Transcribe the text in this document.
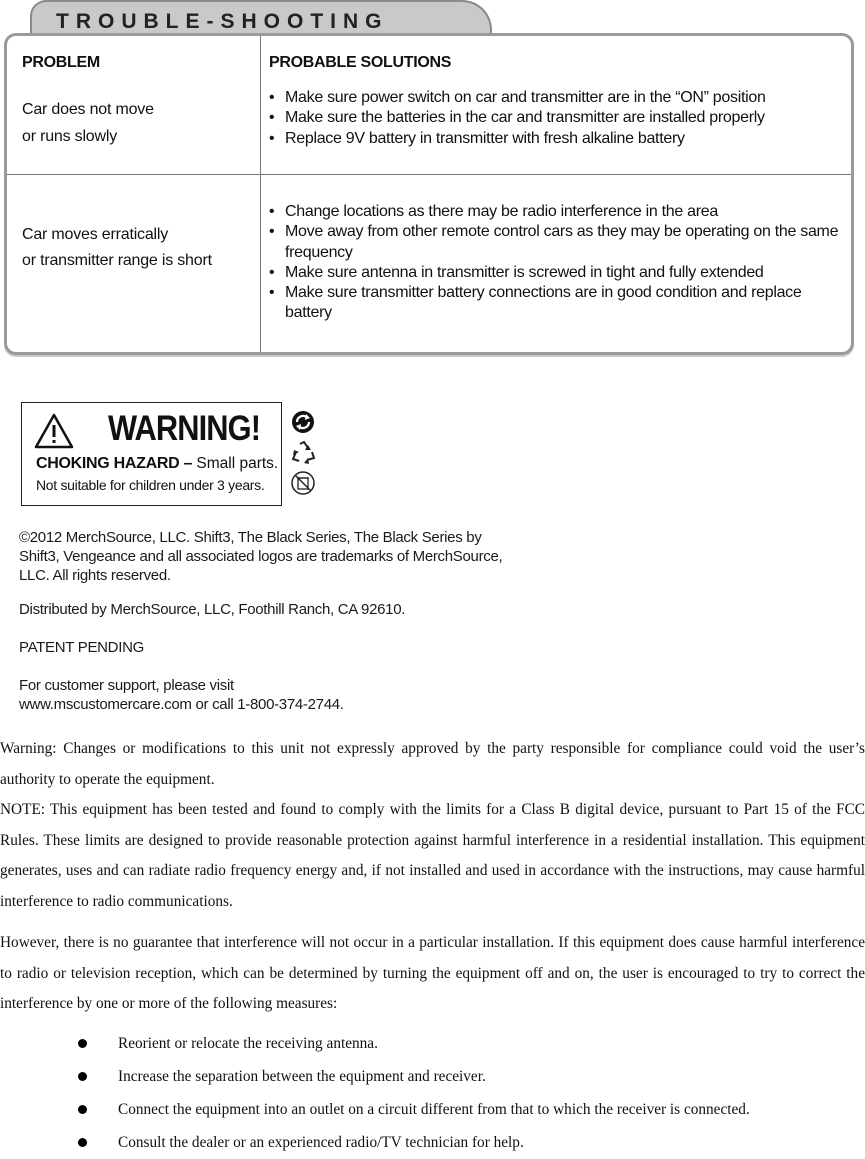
TROUBLE-SHOOTING
PROBLEM	PROBABLE SOLUTIONS
Car does not move
or runs slowly
• Make sure power switch on car and transmitter are in the “ON” position
• Make sure the batteries in the car and transmitter are installed properly
• Replace 9V battery in transmitter with fresh alkaline battery
Car moves erratically
or transmitter range is short
• Change locations as there may be radio interference in the area
• Move away from other remote control cars as they may be operating on the same frequency
• Make sure antenna in transmitter is screwed in tight and fully extended
• Make sure transmitter battery connections are in good condition and replace battery
WARNING!
CHOKING HAZARD – Small parts.
Not suitable for children under 3 years.
©2012 MerchSource, LLC. Shift3, The Black Series, The Black Series by
Shift3, Vengeance and all associated logos are trademarks of MerchSource,
LLC. All rights reserved.
Distributed by MerchSource, LLC, Foothill Ranch, CA 92610.
PATENT PENDING
For customer support, please visit
www.mscustomercare.com or call 1-800-374-2744.
Warning: Changes or modifications to this unit not expressly approved by the party responsible for compliance could void the user’s authority to operate the equipment.
NOTE: This equipment has been tested and found to comply with the limits for a Class B digital device, pursuant to Part 15 of the FCC Rules. These limits are designed to provide reasonable protection against harmful interference in a residential installation. This equipment generates, uses and can radiate radio frequency energy and, if not installed and used in accordance with the instructions, may cause harmful interference to radio communications.
However, there is no guarantee that interference will not occur in a particular installation. If this equipment does cause harmful interference to radio or television reception, which can be determined by turning the equipment off and on, the user is encouraged to try to correct the interference by one or more of the following measures:
Reorient or relocate the receiving antenna.
Increase the separation between the equipment and receiver.
Connect the equipment into an outlet on a circuit different from that to which the receiver is connected.
Consult the dealer or an experienced radio/TV technician for help.
